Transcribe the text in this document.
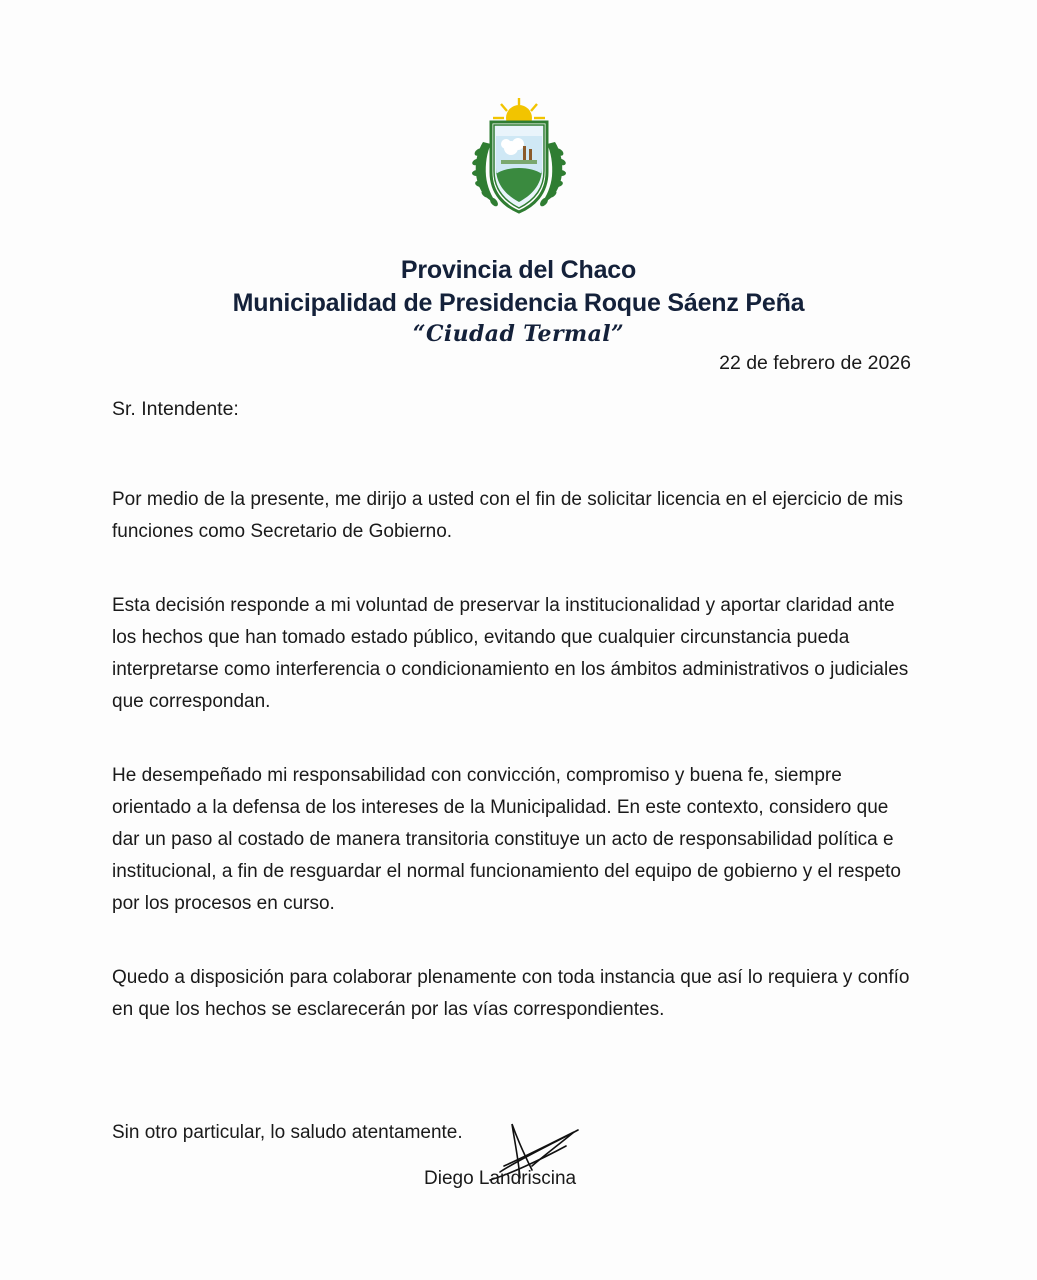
Provincia del Chaco
Municipalidad de Presidencia Roque Sáenz Peña
“Ciudad Termal”
22 de febrero de 2026
Sr. Intendente:

Por medio de la presente, me dirijo a usted con el fin de solicitar licencia en el ejercicio de mis funciones como Secretario de Gobierno.

Esta decisión responde a mi voluntad de preservar la institucionalidad y aportar claridad ante los hechos que han tomado estado público, evitando que cualquier circunstancia pueda interpretarse como interferencia o condicionamiento en los ámbitos administrativos o judiciales que correspondan.

He desempeñado mi responsabilidad con convicción, compromiso y buena fe, siempre orientado a la defensa de los intereses de la Municipalidad. En este contexto, considero que dar un paso al costado de manera transitoria constituye un acto de responsabilidad política e institucional, a fin de resguardar el normal funcionamiento del equipo de gobierno y el respeto por los procesos en curso.

Quedo a disposición para colaborar plenamente con toda instancia que así lo requiera y confío en que los hechos se esclarecerán por las vías correspondientes.

Sin otro particular, lo saludo atentamente.
Diego Landriscina
